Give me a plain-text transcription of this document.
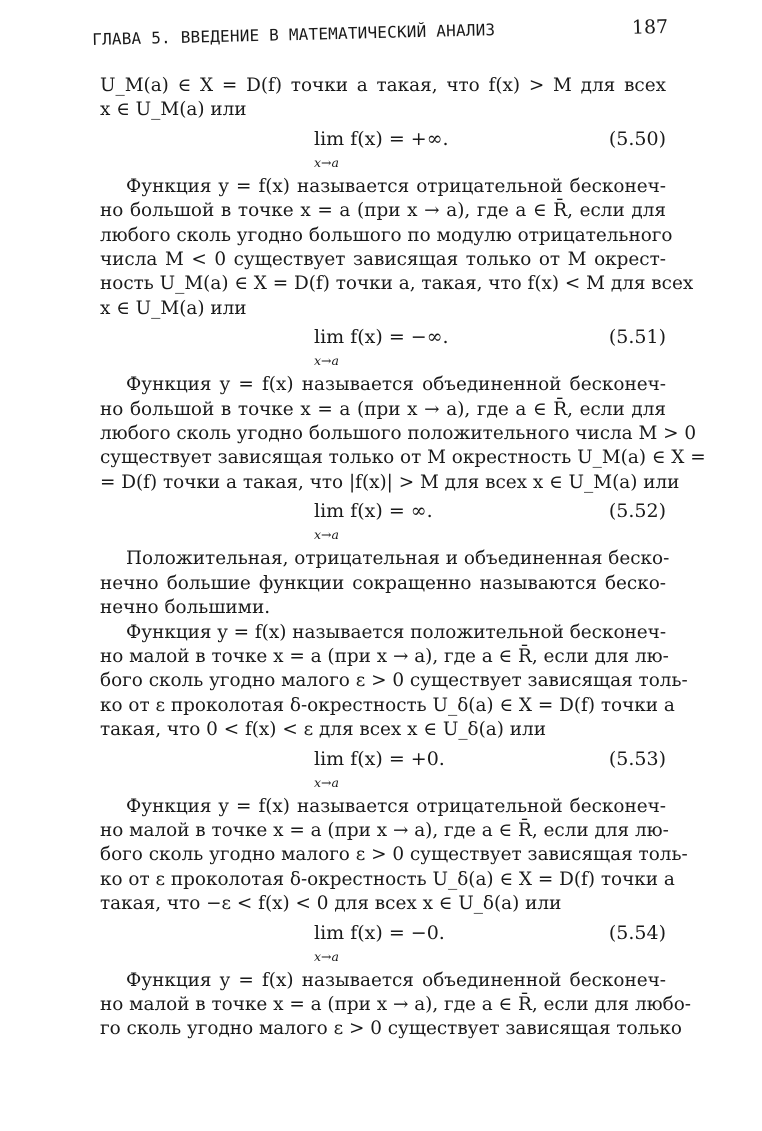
ГЛАВА 5. ВВЕДЕНИЕ В МАТЕМАТИЧЕСКИЙ АНАЛИЗ	187
U_M(a) ∈ X = D(f) точки a такая, что f(x) > M для всех
x ∈ U_M(a) или
lim f(x) = +∞.
x→a
(5.50)
Функция y = f(x) называется отрицательной бесконеч-
но большой в точке x = a (при x → a), где a ∈ R̄, если для
любого сколь угодно большого по модулю отрицательного
числа M < 0 существует зависящая только от M окрест-
ность U_M(a) ∈ X = D(f) точки a, такая, что f(x) < M для всех
x ∈ U_M(a) или
lim f(x) = −∞.
x→a
(5.51)
Функция y = f(x) называется объединенной бесконеч-
но большой в точке x = a (при x → a), где a ∈ R̄, если для
любого сколь угодно большого положительного числа M > 0
существует зависящая только от M окрестность U_M(a) ∈ X =
= D(f) точки a такая, что |f(x)| > M для всех x ∈ U_M(a) или
lim f(x) = ∞.
x→a
(5.52)
Положительная, отрицательная и объединенная беско-
нечно большие функции сокращенно называются беско-
нечно большими.
Функция y = f(x) называется положительной бесконеч-
но малой в точке x = a (при x → a), где a ∈ R̄, если для лю-
бого сколь угодно малого ε > 0 существует зависящая толь-
ко от ε проколотая δ-окрестность U_δ(a) ∈ X = D(f) точки a
такая, что 0 < f(x) < ε для всех x ∈ U_δ(a) или
lim f(x) = +0.
x→a
(5.53)
Функция y = f(x) называется отрицательной бесконеч-
но малой в точке x = a (при x → a), где a ∈ R̄, если для лю-
бого сколь угодно малого ε > 0 существует зависящая толь-
ко от ε проколотая δ-окрестность U_δ(a) ∈ X = D(f) точки a
такая, что −ε < f(x) < 0 для всех x ∈ U_δ(a) или
lim f(x) = −0.
x→a
(5.54)
Функция y = f(x) называется объединенной бесконеч-
но малой в точке x = a (при x → a), где a ∈ R̄, если для любо-
го сколь угодно малого ε > 0 существует зависящая только
